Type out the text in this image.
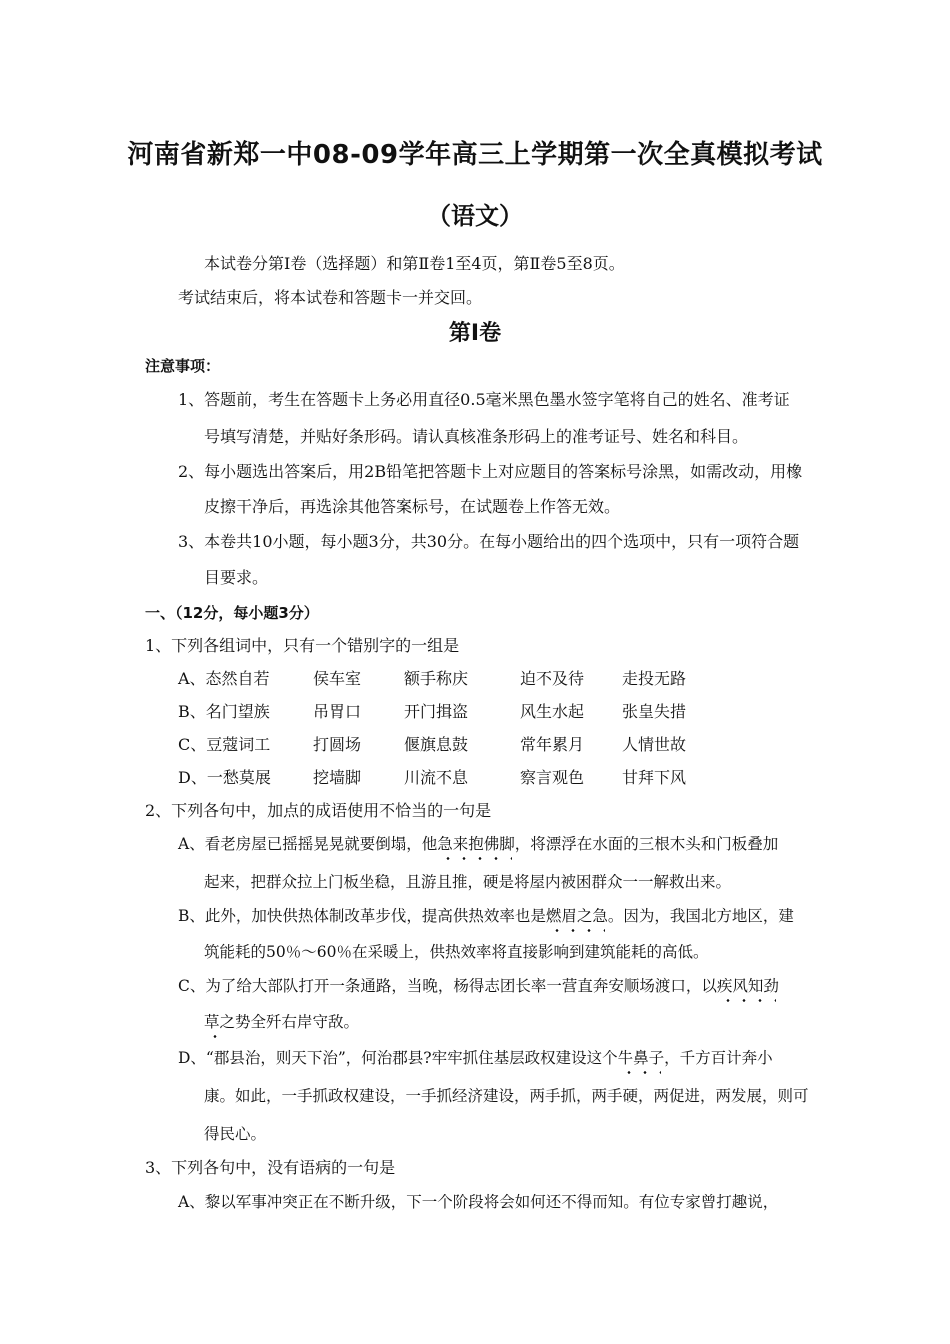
河南省新郑一中08-09学年高三上学期第一次全真模拟考试
（语文）
本试卷分第Ⅰ卷（选择题）和第Ⅱ卷1至4页，第Ⅱ卷5至8页。
考试结束后，将本试卷和答题卡一并交回。
第Ⅰ卷
注意事项：
1、答题前，考生在答题卡上务必用直径0.5毫米黑色墨水签字笔将自己的姓名、准考证
号填写清楚，并贴好条形码。请认真核准条形码上的准考证号、姓名和科目。
2、每小题选出答案后，用2B铅笔把答题卡上对应题目的答案标号涂黑，如需改动，用橡
皮擦干净后，再选涂其他答案标号，在试题卷上作答无效。
3、本卷共10小题，每小题3分，共30分。在每小题给出的四个选项中，只有一项符合题
目要求。
一、（12分，每小题3分）
1、下列各组词中，只有一个错别字的一组是
A、态然自若	侯车室	额手称庆	迫不及待 走投无路
B、名门望族	吊胃口	开门揖盗	风生水起 张皇失措
C、豆蔻词工	打圆场	偃旗息鼓	常年累月 人情世故
D、一愁莫展	挖墙脚	川流不息	察言观色 甘拜下风
2、下列各句中，加点的成语使用不恰当的一句是
A、看老房屋已摇摇晃晃就要倒塌，他急来抱佛脚，将漂浮在水面的三根木头和门板叠加
起来，把群众拉上门板坐稳，且游且推，硬是将屋内被困群众一一解救出来。
B、此外，加快供热体制改革步伐，提高供热效率也是燃眉之急。因为，我国北方地区，建
筑能耗的50％～60％在采暖上，供热效率将直接影响到建筑能耗的高低。
C、为了给大部队打开一条通路，当晚，杨得志团长率一营直奔安顺场渡口，以疾风知劲
草之势全歼右岸守敌。
D、“郡县治，则天下治”，何治郡县?牢牢抓住基层政权建设这个牛鼻子，千方百计奔小
康。如此，一手抓政权建设，一手抓经济建设，两手抓，两手硬，两促进，两发展，则可
得民心。
3、下列各句中，没有语病的一句是
A、黎以军事冲突正在不断升级，下一个阶段将会如何还不得而知。有位专家曾打趣说，
